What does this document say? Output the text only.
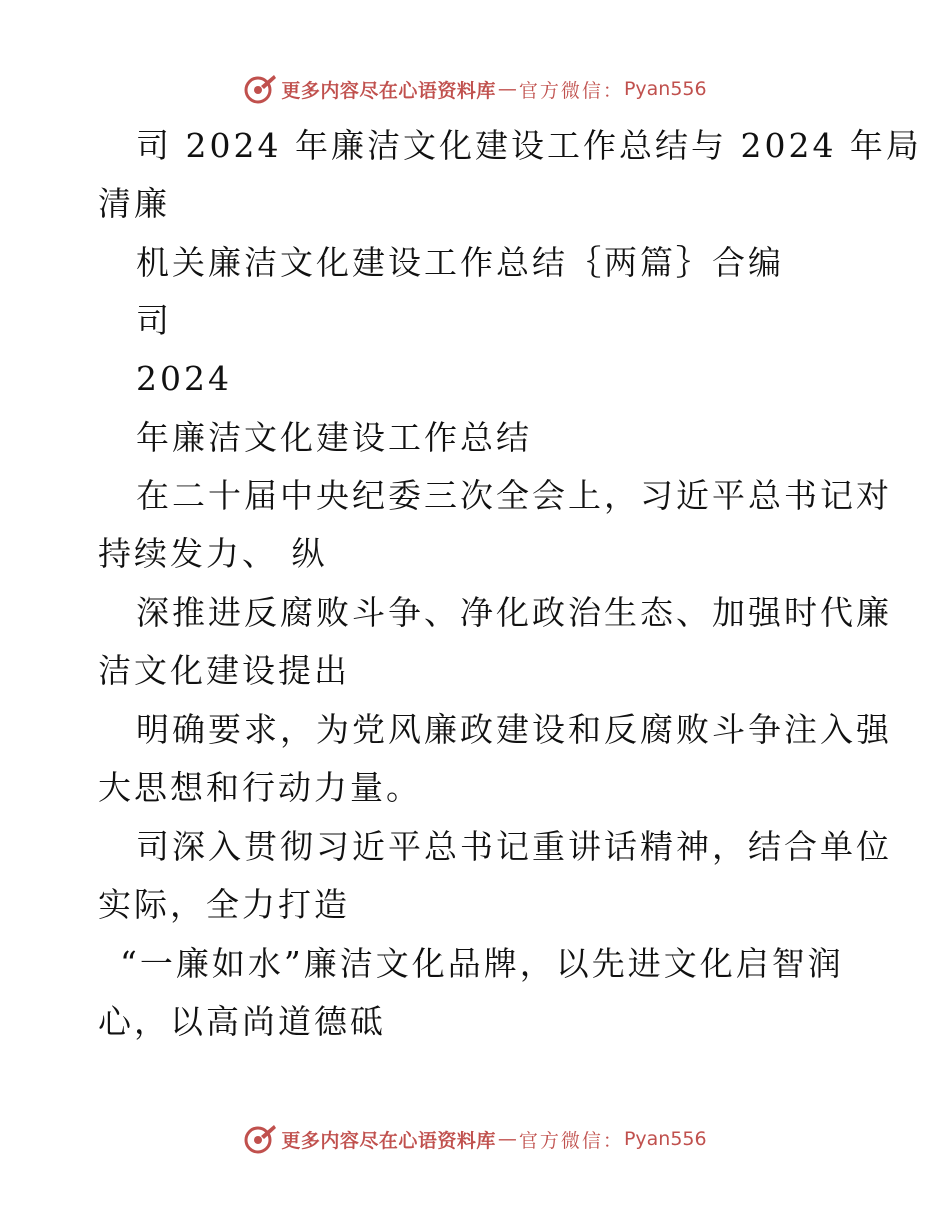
更多内容尽在心语资料库 — 官方微信： Pyan556
司 2024 年廉洁文化建设工作总结与 2024 年局
清廉
机关廉洁文化建设工作总结｛两篇｝合编
司
2024
年廉洁文化建设工作总结
在二十届中央纪委三次全会上，习近平总书记对
持续发力、 纵
深推进反腐败斗争、净化政治生态、加强时代廉
洁文化建设提出
明确要求，为党风廉政建设和反腐败斗争注入强
大思想和行动力量。
司深入贯彻习近平总书记重讲话精神，结合单位
实际，全力打造
“一廉如水”廉洁文化品牌，以先进文化启智润
心，以高尚道德砥
更多内容尽在心语资料库 — 官方微信： Pyan556
